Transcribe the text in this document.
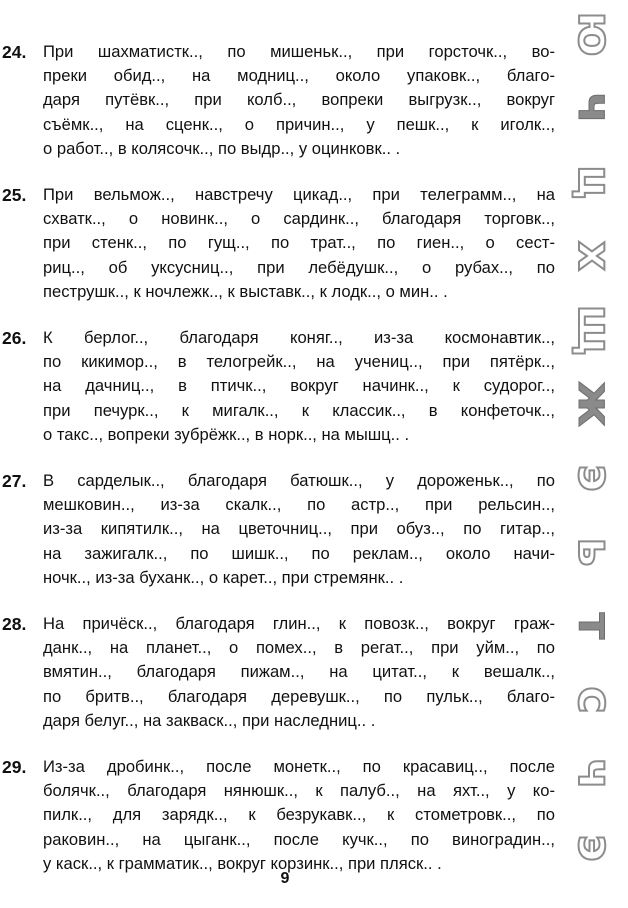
24.	При шахматистк.., по мишеньк.., при горсточк.., во-
преки обид.., на модниц.., около упаковк.., благо-
даря путёвк.., при колб.., вопреки выгрузк.., вокруг
съёмк.., на сценк.., о причин.., у пешк.., к иголк..,
о работ.., в колясочк.., по выдр.., у оцинковк.. .
25.	При вельмож.., навстречу цикад.., при телеграмм.., на
схватк.., о новинк.., о сардинк.., благодаря торговк..,
при стенк.., по гущ.., по трат.., по гиен.., о сест-
риц.., об уксусниц.., при лебёдушк.., о рубах.., по
пеструшк.., к ночлежк.., к выставк.., к лодк.., о мин.. .
26.	К берлог.., благодаря коняг.., из-за космонавтик..,
по кикимор.., в телогрейк.., на учениц.., при пятёрк..,
на дачниц.., в птичк.., вокруг начинк.., к судорог..,
при печурк.., к мигалк.., к классик.., в конфеточк..,
о такс.., вопреки зубрёжк.., в норк.., на мышц.. .
27.	В сарделык.., благодаря батюшк.., у дороженьк.., по
мешковин.., из-за скалк.., по астр.., при рельсин..,
из-за кипятилк.., на цветочниц.., при обуз.., по гитар..,
на зажигалк.., по шишк.., по реклам.., около начи-
ночк.., из-за буханк.., о карет.., при стремянк.. .
28.	На причёск.., благодаря глин.., к повозк.., вокруг граж-
данк.., на планет.., о помех.., в регат.., при уйм.., по
вмятин.., благодаря пижам.., на цитат.., к вешалк..,
по бритв.., благодаря деревушк.., по пульк.., благо-
даря белуг.., на закваск.., при наследниц.. .
29.	Из-за дробинк.., после монетк.., по красавиц.., после
болячк.., благодаря нянюшк.., к палуб.., на яхт.., у ко-
пилк.., для зарядк.., к безрукавк.., к стометровк.., по
раковин.., на цыганк.., после кучк.., по виноградин..,
у каск.., к грамматик.., вокруг корзинк.., при пляск.. .
9
ю
ч
ц
х
щ
ж
э
ь
т
с
ч
э
